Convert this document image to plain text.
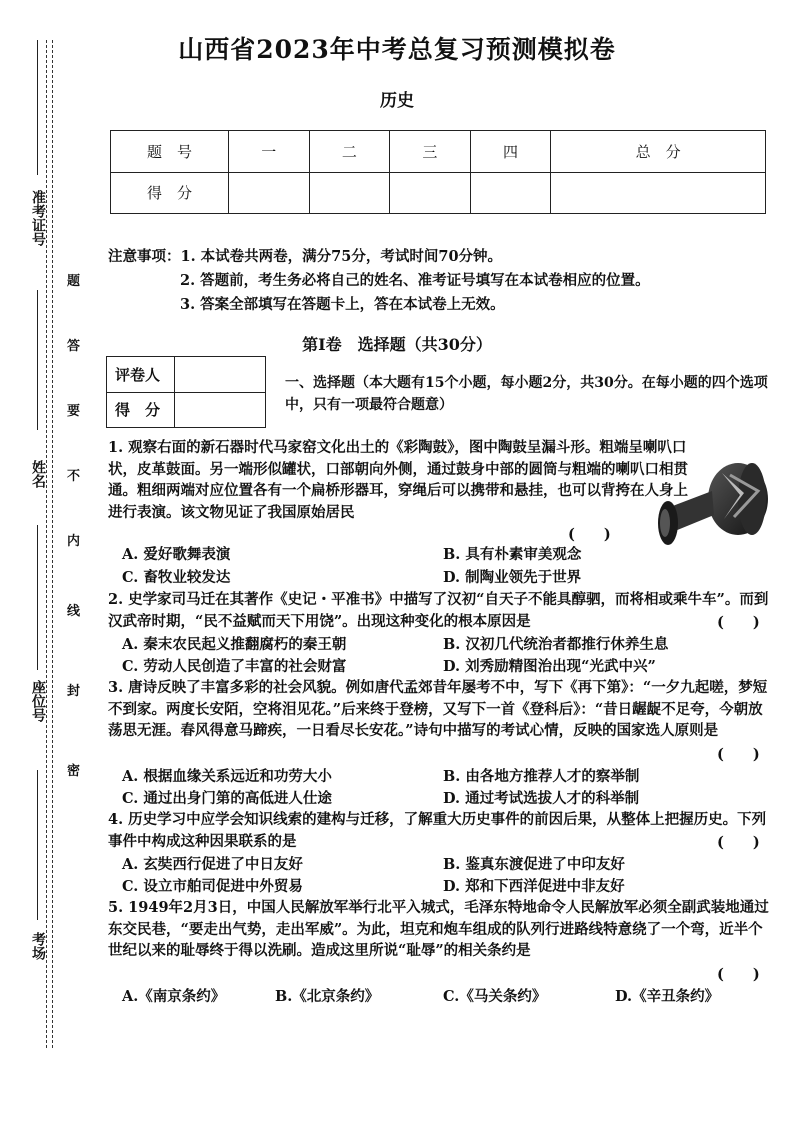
准考证号
姓名
座位号
考场
题
答
要
不
内
线
封
密
山西省2023年中考总复习预测模拟卷
历史
题　号	一	二	三	四	总　分
得　分					
注意事项：1. 本试卷共两卷，满分75分，考试时间70分钟。
2. 答题前，考生务必将自己的姓名、准考证号填写在本试卷相应的位置。
3. 答案全部填写在答题卡上，答在本试卷上无效。
第Ⅰ卷　选择题（共30分）
评卷人	
得　分	
一、选择题（本大题有15个小题，每小题2分，共30分。在每小题的四个选项中，只有一项最符合题意）
1. 观察右面的新石器时代马家窑文化出土的《彩陶鼓》，图中陶鼓呈漏斗形。粗端呈喇叭口状，皮革鼓面。另一端形似罐状，口部朝向外侧，通过鼓身中部的圆筒与粗端的喇叭口相贯通。粗细两端对应位置各有一个扁桥形器耳，穿绳后可以携带和悬挂，也可以背挎在人身上进行表演。该文物见证了我国原始居民
(　　)
A. 爱好歌舞表演	B. 具有朴素审美观念
C. 畜牧业较发达	D. 制陶业领先于世界
2. 史学家司马迁在其著作《史记・平准书》中描写了汉初“自天子不能具醇驷，而将相或乘牛车”。而到汉武帝时期，“民不益赋而天下用饶”。出现这种变化的根本原因是	(　　)
A. 秦末农民起义推翻腐朽的秦王朝	B. 汉初几代统治者都推行休养生息
C. 劳动人民创造了丰富的社会财富	D. 刘秀励精图治出现“光武中兴”
3. 唐诗反映了丰富多彩的社会风貌。例如唐代孟郊昔年屡考不中，写下《再下第》：“一夕九起嗟，梦短不到家。两度长安陌，空将泪见花。”后来终于登榜，又写下一首《登科后》：“昔日龌龊不足夸，今朝放荡思无涯。春风得意马蹄疾，一日看尽长安花。”诗句中描写的考试心情，反映的国家选人原则是
(　　)
A. 根据血缘关系远近和功劳大小	B. 由各地方推荐人才的察举制
C. 通过出身门第的高低进人仕途	D. 通过考试选拔人才的科举制
4. 历史学习中应学会知识线索的建构与迁移，了解重大历史事件的前因后果，从整体上把握历史。下列事件中构成这种因果联系的是	(　　)
A. 玄奘西行促进了中日友好	B. 鉴真东渡促进了中印友好
C. 设立市舶司促进中外贸易	D. 郑和下西洋促进中非友好
5. 1949年2月3日，中国人民解放军举行北平入城式，毛泽东特地命令人民解放军必须全副武装地通过东交民巷，“要走出气势，走出军威”。为此，坦克和炮车组成的队列行进路线特意绕了一个弯，近半个世纪以来的耻辱终于得以洗刷。造成这里所说“耻辱”的相关条约是
(　　)
A.《南京条约》	B.《北京条约》	C.《马关条约》	D.《辛丑条约》
